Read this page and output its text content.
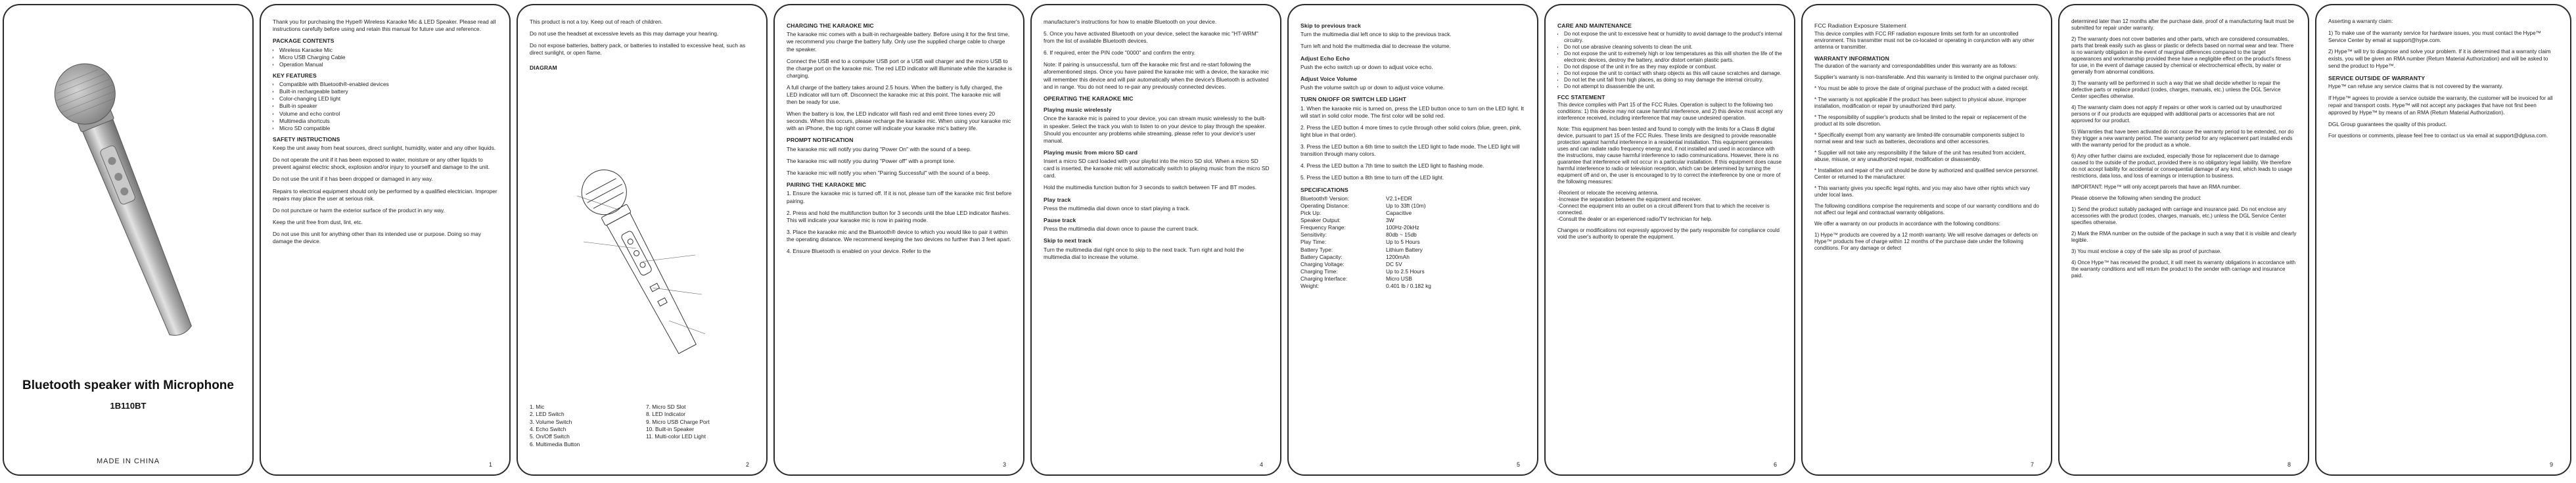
Bluetooth speaker with Microphone
1B110BT
MADE IN CHINA

Thank you for purchasing the Hype® Wireless Karaoke Mic & LED Speaker. Please read all instructions carefully before using and retain this manual for future use and reference.

PACKAGE CONTENTS
• Wireless Karaoke Mic
• Micro USB Charging Cable
• Operation Manual
KEY FEATURES
• Compatible with Bluetooth®-enabled devices
• Built-in rechargeable battery
• Color-changing LED light
• Built-in speaker
• Volume and echo control
• Multimedia shortcuts
• Micro SD compatible
SAFETY INSTRUCTIONS

Keep the unit away from heat sources, direct sunlight, humidity, water and any other liquids.

Do not operate the unit if it has been exposed to water, moisture or any other liquids to prevent against electric shock, explosion and/or injury to yourself and damage to the unit.

Do not use the unit if it has been dropped or damaged in any way.

Repairs to electrical equipment should only be performed by a qualified electrician. Improper repairs may place the user at serious risk.

Do not puncture or harm the exterior surface of the product in any way.

Keep the unit free from dust, lint, etc.

Do not use this unit for anything other than its intended use or purpose. Doing so may damage the device.

1

This product is not a toy. Keep out of reach of children.

Do not use the headset at excessive levels as this may damage your hearing.

Do not expose batteries, battery pack, or batteries to installed to excessive heat, such as direct sunlight, or open flame.

DIAGRAM
1. Mic	7. Micro SD Slot
2. LED Switch	8. LED Indicator
3. Volume Switch	9. Micro USB Charge Port
4. Echo Switch	10. Built-in Speaker
5. On/Off Switch	11. Multi-color LED Light
6. Multimedia Button
2
CHARGING THE KARAOKE MIC

The karaoke mic comes with a built-in rechargeable battery. Before using it for the first time, we recommend you charge the battery fully. Only use the supplied charge cable to charge the speaker.

Connect the USB end to a computer USB port or a USB wall charger and the micro USB to the charge port on the karaoke mic. The red LED indicator will illuminate while the karaoke is charging.

A full charge of the battery takes around 2.5 hours. When the battery is fully charged, the LED indicator will turn off. Disconnect the karaoke mic at this point. The karaoke mic will then be ready for use.

When the battery is low, the LED indicator will flash red and emit three tones every 20 seconds. When this occurs, please recharge the karaoke mic. When using your karaoke mic with an iPhone, the top right corner will indicate your karaoke mic's battery life.

PROMPT NOTIFICATION

The karaoke mic will notify you during "Power On" with the sound of a beep.

The karaoke mic will notify you during "Power off" with a prompt tone.

The karaoke mic will notify you when "Pairing Successful" with the sound of a beep.

PAIRING THE KARAOKE MIC

1. Ensure the karaoke mic is turned off. If it is not, please turn off the karaoke mic first before pairing.

2. Press and hold the multifunction button for 3 seconds until the blue LED indicator flashes. This will indicate your karaoke mic is now in pairing mode.

3. Place the karaoke mic and the Bluetooth® device to which you would like to pair it within the operating distance. We recommend keeping the two devices no further than 3 feet apart.

4. Ensure Bluetooth is enabled on your device. Refer to the

3

manufacturer's instructions for how to enable Bluetooth on your device.

5. Once you have activated Bluetooth on your device, select the karaoke mic "HT-WRM" from the list of available Bluetooth devices.

6. If required, enter the PIN code "0000" and confirm the entry.

Note: If pairing is unsuccessful, turn off the karaoke mic first and re-start following the aforementioned steps. Once you have paired the karaoke mic with a device, the karaoke mic will remember this device and will pair automatically when the device's Bluetooth is activated and in range. You do not need to re-pair any previously connected devices.

OPERATING THE KARAOKE MIC
Playing music wirelessly

Once the karaoke mic is paired to your device, you can stream music wirelessly to the built-in speaker. Select the track you wish to listen to on your device to play through the speaker. Should you encounter any problems while streaming, please refer to your device's user manual.

Playing music from micro SD card

Insert a micro SD card loaded with your playlist into the micro SD slot. When a micro SD card is inserted, the karaoke mic will automatically switch to playing music from the micro SD card.

Hold the multimedia function button for 3 seconds to switch between TF and BT modes.

Play track

Press the multimedia dial down once to start playing a track.

Pause track

Press the multimedia dial down once to pause the current track.

Skip to next track

Turn the multimedia dial right once to skip to the next track. Turn right and hold the multimedia dial to increase the volume.

4
Skip to previous track

Turn the multimedia dial left once to skip to the previous track.

Turn left and hold the multimedia dial to decrease the volume.

Adjust Echo Echo

Push the echo switch up or down to adjust voice echo.

Adjust Voice Volume

Push the volume switch up or down to adjust voice volume.

TURN ON/OFF OR SWITCH LED LIGHT

1. When the karaoke mic is turned on, press the LED button once to turn on the LED light. It will start in solid color mode. The first color will be solid red.

2. Press the LED button 4 more times to cycle through other solid colors (blue, green, pink, light blue in that order).

3. Press the LED button a 6th time to switch the LED light to fade mode. The LED light will transition through many colors.

4. Press the LED button a 7th time to switch the LED light to flashing mode.

5. Press the LED button a 8th time to turn off the LED light.

SPECIFICATIONS
Bluetooth® Version:	V2.1+EDR
Operating Distance:	Up to 33ft (10m)
Pick Up:	Capacitive
Speaker Output:	3W
Frequency Range:	100Hz-20kHz
Sensitivity:	80db ~ 15db
Play Time:	Up to 5 Hours
Battery Type:	Lithium Battery
Battery Capacity:	1200mAh
Charging Voltage:	DC 5V
Charging Time:	Up to 2.5 Hours
Charging Interface:	Micro USB
Weight:	0.401 lb / 0.182 kg
5
CARE AND MAINTENANCE
• Do not expose the unit to excessive heat or humidity to avoid damage to the product's internal circuitry.
• Do not use abrasive cleaning solvents to clean the unit.
• Do not expose the unit to extremely high or low temperatures as this will shorten the life of the electronic devices, destroy the battery, and/or distort certain plastic parts.
• Do not dispose of the unit in fire as they may explode or combust.
• Do not expose the unit to contact with sharp objects as this will cause scratches and damage.
• Do not let the unit fall from high places, as doing so may damage the internal circuitry.
• Do not attempt to disassemble the unit.
FCC STATEMENT

This device complies with Part 15 of the FCC Rules. Operation is subject to the following two conditions: 1) this device may not cause harmful interference, and 2) this device must accept any interference received, including interference that may cause undesired operation.

Note: This equipment has been tested and found to comply with the limits for a Class B digital device, pursuant to part 15 of the FCC Rules. These limits are designed to provide reasonable protection against harmful interference in a residential installation. This equipment generates uses and can radiate radio frequency energy and, if not installed and used in accordance with the instructions, may cause harmful interference to radio communications. However, there is no guarantee that interference will not occur in a particular installation. If this equipment does cause harmful interference to radio or television reception, which can be determined by turning the equipment off and on, the user is encouraged to try to correct the interference by one or more of the following measures:

-Reorient or relocate the receiving antenna.

-Increase the separation between the equipment and receiver.

-Connect the equipment into an outlet on a circuit different from that to which the receiver is connected.

-Consult the dealer or an experienced radio/TV technician for help.

Changes or modifications not expressly approved by the party responsible for compliance could void the user's authority to operate the equipment.

6
FCC Radiation Exposure Statement

This device complies with FCC RF radiation exposure limits set forth for an uncontrolled environment. This transmitter must not be co-located or operating in conjunction with any other antenna or transmitter.

WARRANTY INFORMATION

The duration of the warranty and correspondabilities under this warranty are as follows:

Supplier's warranty is non-transferable. And this warranty is limited to the original purchaser only.

* You must be able to prove the date of original purchase of the product with a dated receipt.

* The warranty is not applicable if the product has been subject to physical abuse, improper installation, modification or repair by unauthorized third party.

* The responsibility of supplier's products shall be limited to the repair or replacement of the product at its sole discretion.

* Specifically exempt from any warranty are limited-life consumable components subject to normal wear and tear such as batteries, decorations and other accessories.

* Supplier will not take any responsibility if the failure of the unit has resulted from accident, abuse, misuse, or any unauthorized repair, modification or disassembly.

* Installation and repair of the unit should be done by authorized and qualified service personnel. Center or returned to the manufacturer.

* This warranty gives you specific legal rights, and you may also have other rights which vary under local laws.

The following conditions comprise the requirements and scope of our warranty conditions and do not affect our legal and contractual warranty obligations.

We offer a warranty on our products in accordance with the following conditions:

1) Hype™ products are covered by a 12 month warranty. We will resolve damages or defects on Hype™ products free of charge within 12 months of the purchase date under the following conditions. For any damage or defect

7

determined later than 12 months after the purchase date, proof of a manufacturing fault must be submitted for repair under warranty.

2) The warranty does not cover batteries and other parts, which are considered consumables, parts that break easily such as glass or plastic or defects based on normal wear and tear. There is no warranty obligation in the event of marginal differences compared to the target appearances and workmanship provided these have a negligible effect on the product's fitness for use, in the event of damage caused by chemical or electrochemical effects, by water or generally from abnormal conditions.

3) The warranty will be performed in such a way that we shall decide whether to repair the defective parts or replace product (codes, charges, manuals, etc.) unless the DGL Service Center specifies otherwise.

4) The warranty claim does not apply if repairs or other work is carried out by unauthorized persons or if our products are equipped with additional parts or accessories that are not approved for our product.

5) Warranties that have been activated do not cause the warranty period to be extended, nor do they trigger a new warranty period. The warranty period for any replacement part installed ends with the warranty period for the product as a whole.

6) Any other further claims are excluded, especially those for replacement due to damage caused to the outside of the product, provided there is no obligatory legal liability. We therefore do not accept liability for accidental or consequential damage of any kind, which leads to usage restrictions, data loss, and loss of earnings or interruption to business.

IMPORTANT: Hype™ will only accept parcels that have an RMA number.

Please observe the following when sending the product:

1) Send the product suitably packaged with carriage and insurance paid. Do not enclose any accessories with the product (codes, charges, manuals, etc.) unless the DGL Service Center specifies otherwise.

2) Mark the RMA number on the outside of the package in such a way that it is visible and clearly legible.

3) You must enclose a copy of the sale slip as proof of purchase.

4) Once Hype™ has received the product, it will meet its warranty obligations in accordance with the warranty conditions and will return the product to the sender with carriage and insurance paid.

8

Asserting a warranty claim:

1) To make use of the warranty service for hardware issues, you must contact the Hype™ Service Center by email at support@hype.com.

2) Hype™ will try to diagnose and solve your problem. If it is determined that a warranty claim exists, you will be given an RMA number (Return Material Authorization) and will be asked to send the product to Hype™.

SERVICE OUTSIDE OF WARRANTY

Hype™ can refuse any service claims that is not covered by the warranty.

If Hype™ agrees to provide a service outside the warranty, the customer will be invoiced for all repair and transport costs. Hype™ will not accept any packages that have not first been approved by Hype™ by means of an RMA (Return Material Authorization).

DGL Group guarantees the quality of this product.

For questions or comments, please feel free to contact us via email at support@dglusa.com.

9
